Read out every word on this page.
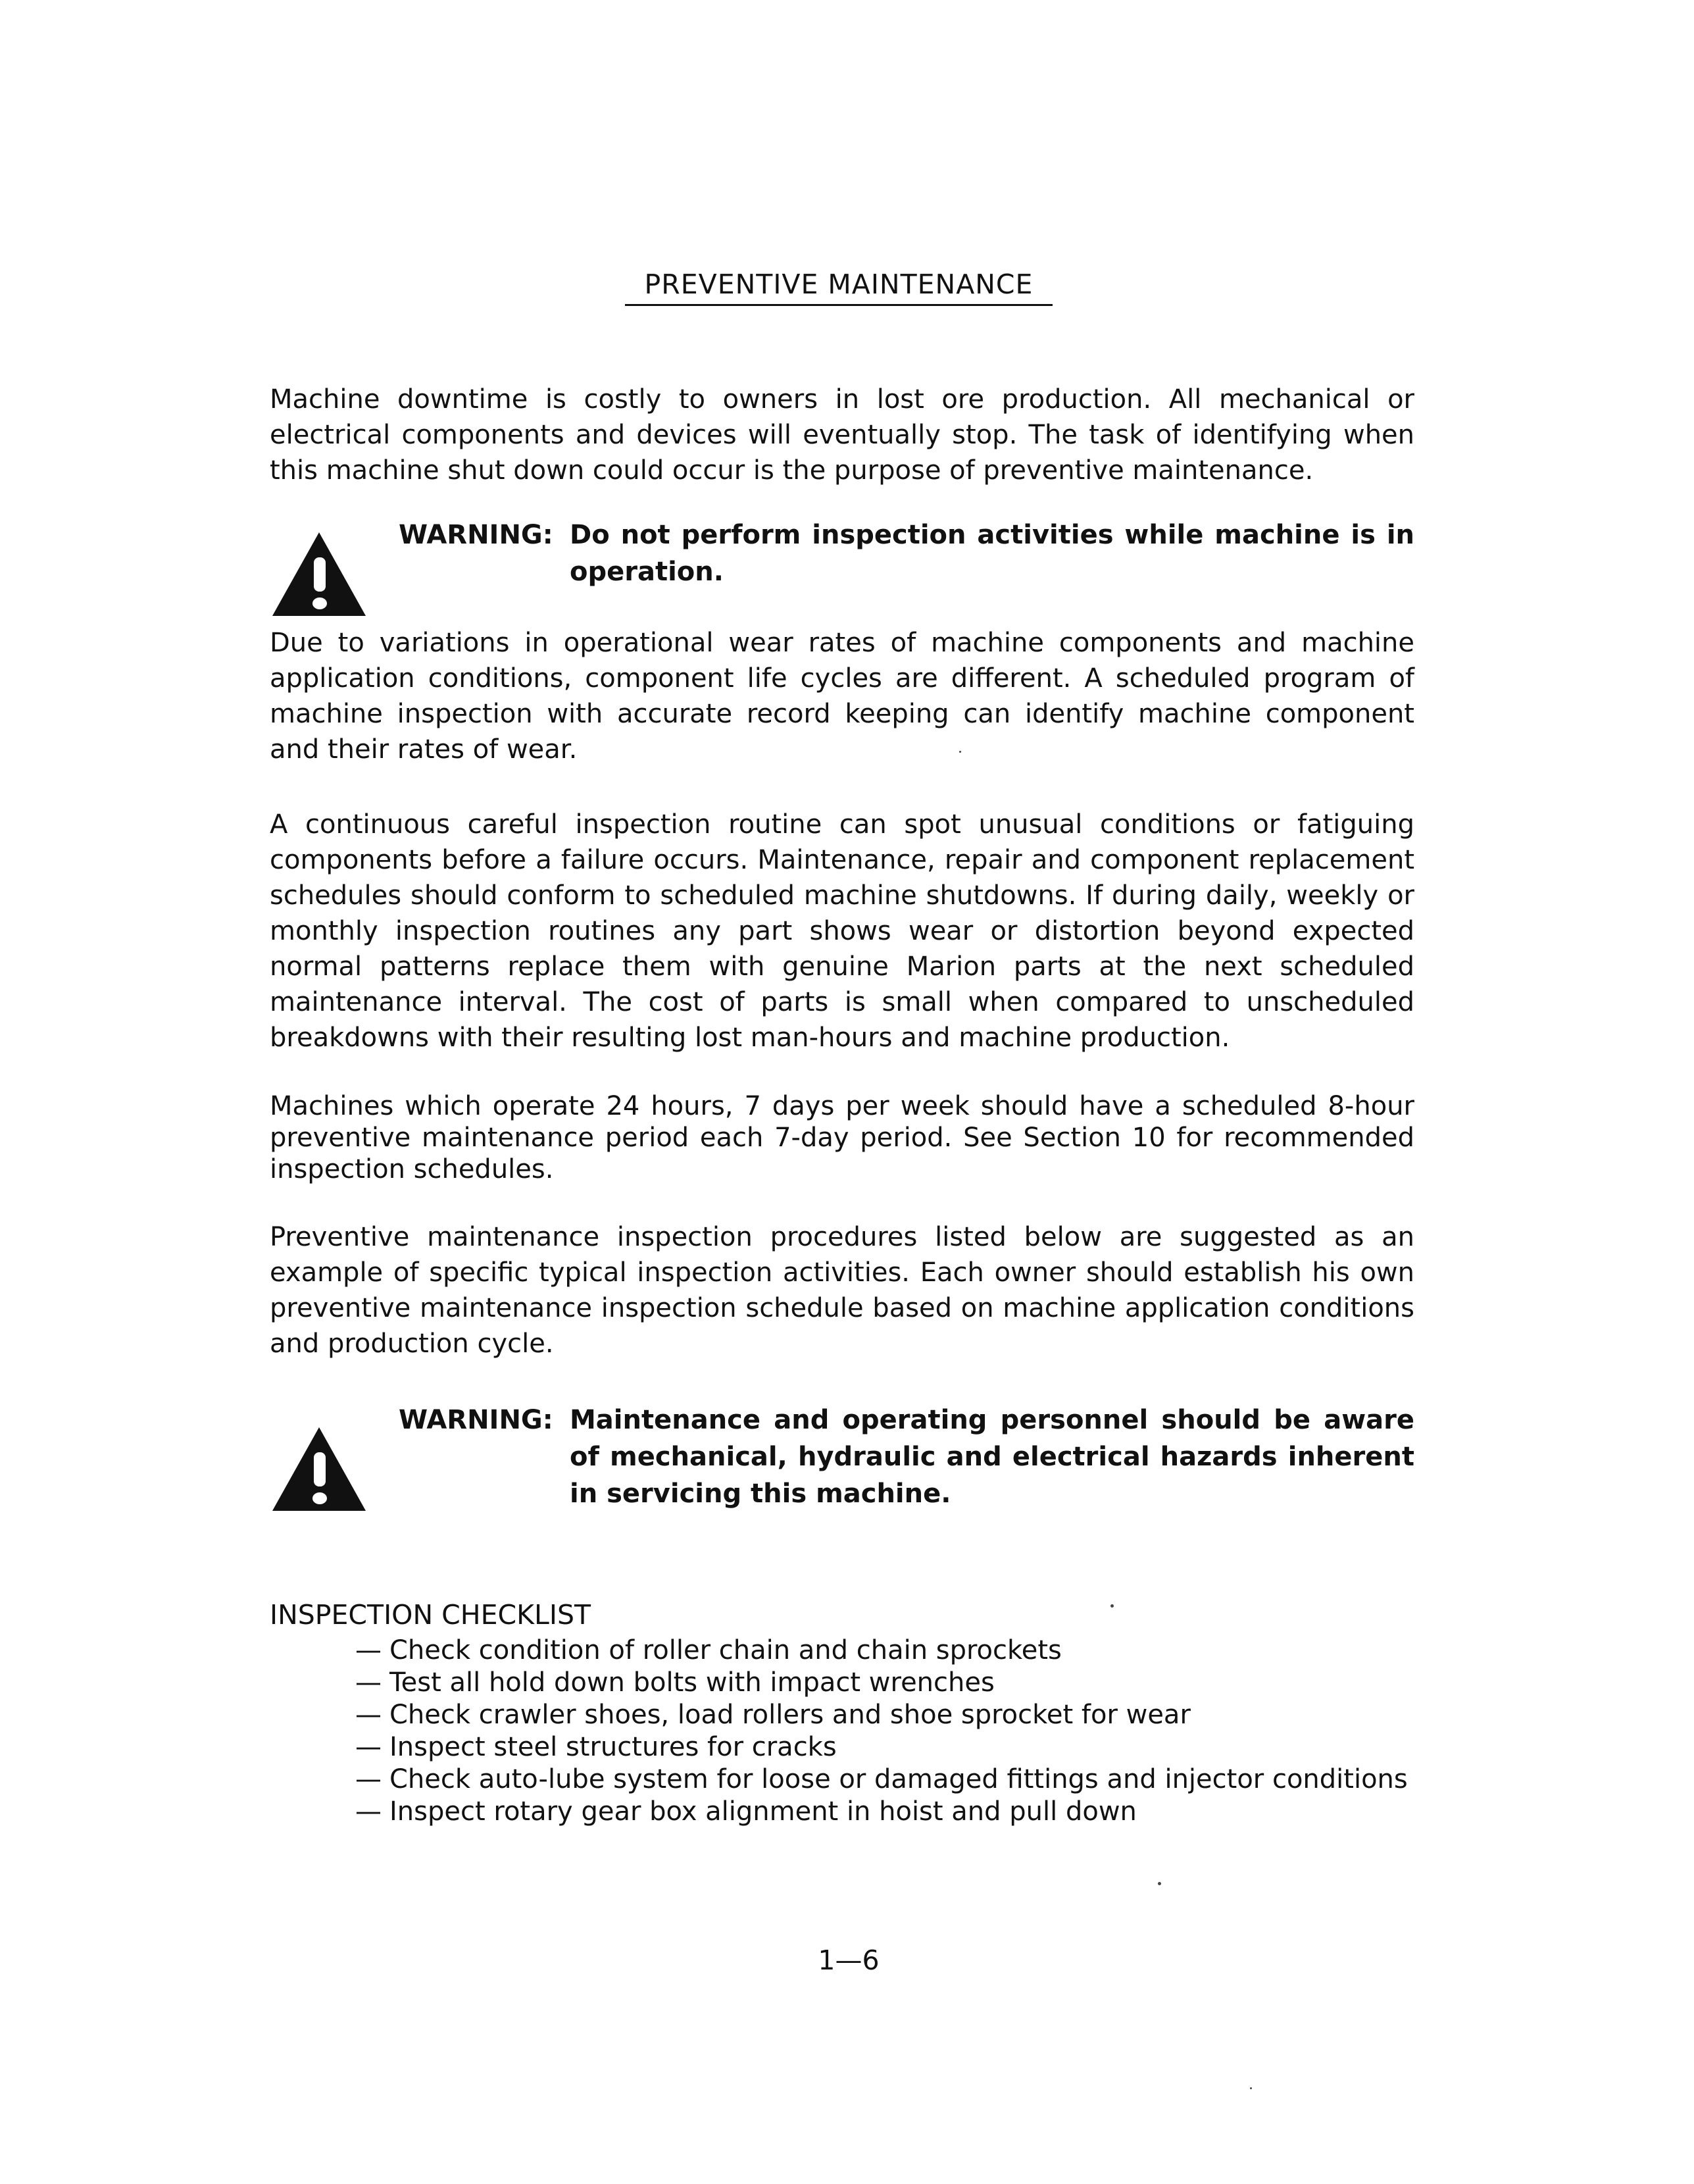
PREVENTIVE MAINTENANCE

Machine downtime is costly to owners in lost ore production. All mechanical or electrical components and devices will eventually stop. The task of identifying when this machine shut down could occur is the purpose of preventive maintenance.

WARNING: Do not perform inspection activities while machine is in operation.

Due to variations in operational wear rates of machine components and machine application conditions, component life cycles are different. A scheduled program of machine inspection with accurate record keeping can identify machine component and their rates of wear.

A continuous careful inspection routine can spot unusual conditions or fatiguing components before a failure occurs. Maintenance, repair and component replacement schedules should conform to scheduled machine shutdowns. If during daily, weekly or monthly inspection routines any part shows wear or distortion beyond expected normal patterns replace them with genuine Marion parts at the next scheduled maintenance interval. The cost of parts is small when compared to unscheduled breakdowns with their resulting lost man-hours and machine production.

Machines which operate 24 hours, 7 days per week should have a scheduled 8-hour preventive maintenance period each 7-day period. See Section 10 for recommended inspection schedules.

Preventive maintenance inspection procedures listed below are suggested as an example of specific typical inspection activities. Each owner should establish his own preventive maintenance inspection schedule based on machine application conditions and production cycle.

WARNING: Maintenance and operating personnel should be aware of mechanical, hydraulic and electrical hazards inherent in servicing this machine.

INSPECTION CHECKLIST
— Check condition of roller chain and chain sprockets
— Test all hold down bolts with impact wrenches
— Check crawler shoes, load rollers and shoe sprocket for wear
— Inspect steel structures for cracks
— Check auto-lube system for loose or damaged fittings and injector conditions
— Inspect rotary gear box alignment in hoist and pull down
1—6
